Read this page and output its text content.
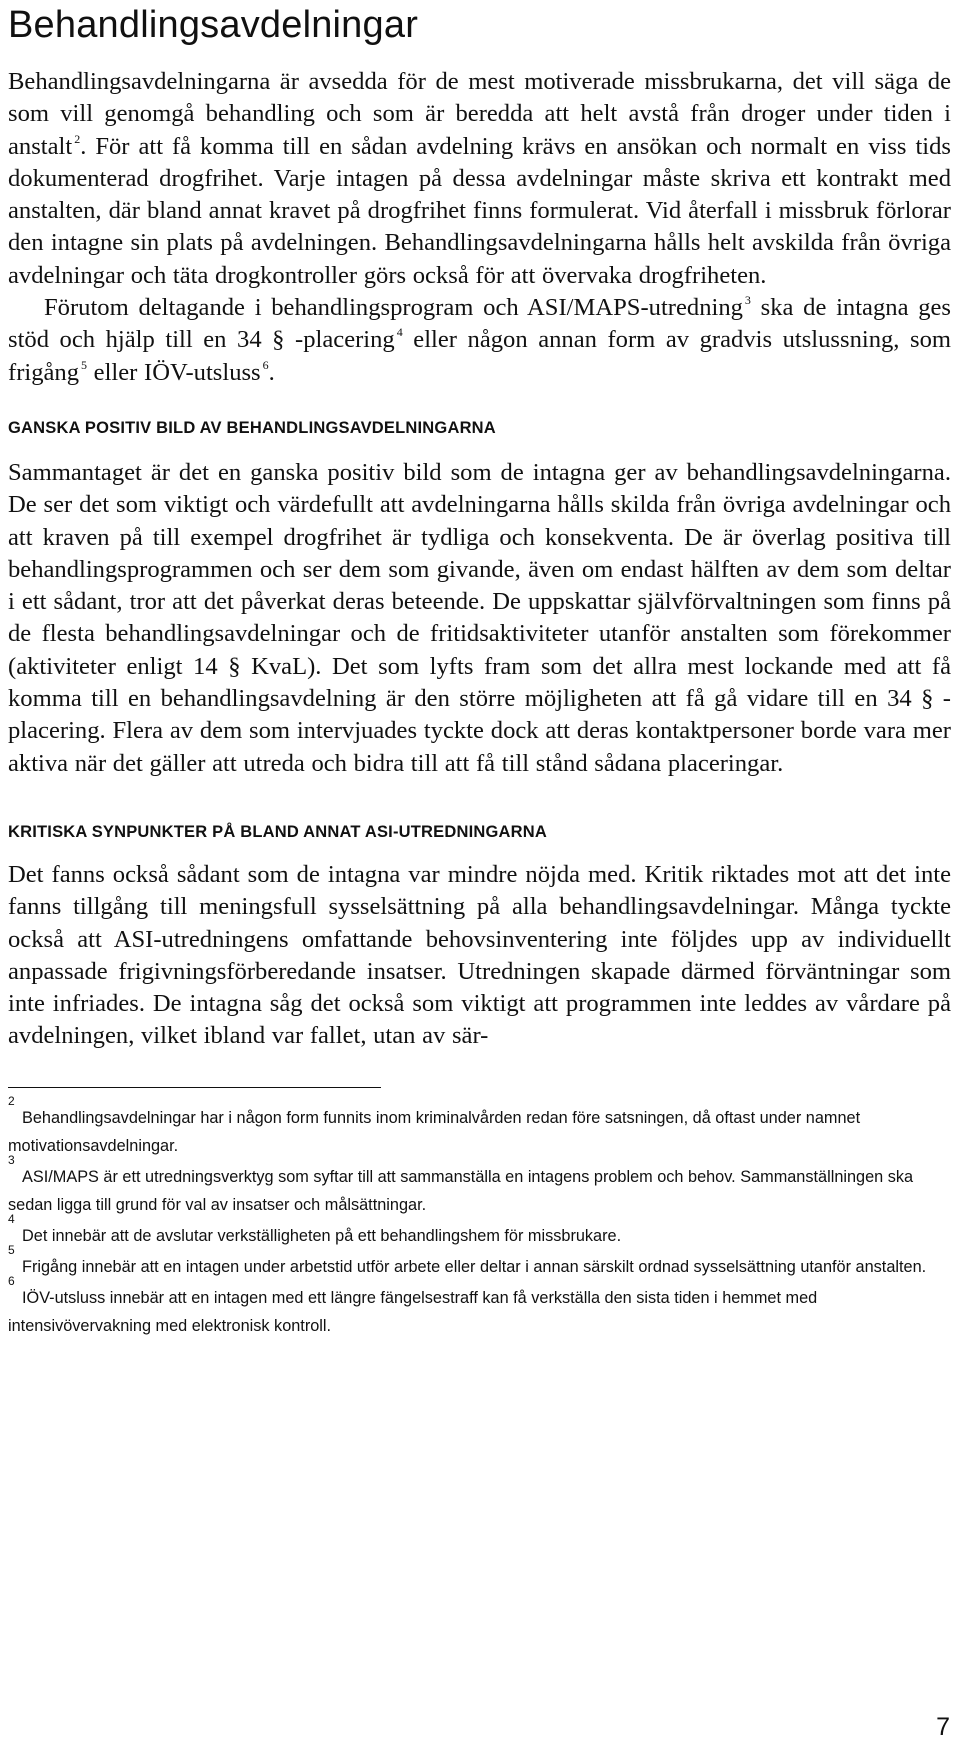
Behandlingsavdelningar

Behandlingsavdelningarna är avsedda för de mest motiverade missbrukarna, det vill säga de som vill genomgå behandling och som är beredda att helt avstå från droger under tiden i anstalt $^2$. För att få komma till en sådan avdelning krävs en ansökan och normalt en viss tids dokumenterad drogfrihet. Varje intagen på dessa avdelningar måste skriva ett kontrakt med anstalten, där bland annat kravet på drogfrihet finns formulerat. Vid återfall i missbruk förlorar den intagne sin plats på avdelningen. Behandlingsavdelningarna hålls helt avskilda från övriga avdelningar och täta drogkontroller görs också för att övervaka drogfriheten.

Förutom deltagande i behandlingsprogram och ASI/MAPS-utredning $^3$ ska de intagna ges stöd och hjälp till en 34 § -placering $^4$ eller någon annan form av gradvis utslussning, som frigång $^5$ eller IÖV-utsluss $^6$.

GANSKA POSITIV BILD AV BEHANDLINGSAVDELNINGARNA

Sammantaget är det en ganska positiv bild som de intagna ger av behandlingsavdelningarna. De ser det som viktigt och värdefullt att avdelningarna hålls skilda från övriga avdelningar och att kraven på till exempel drogfrihet är tydliga och konsekventa. De är överlag positiva till behandlingsprogrammen och ser dem som givande, även om endast hälften av dem som deltar i ett sådant, tror att det påverkat deras beteende. De uppskattar självförvaltningen som finns på de flesta behandlingsavdelningar och de fritidsaktiviteter utanför anstalten som förekommer (aktiviteter enligt 14 § KvaL). Det som lyfts fram som det allra mest lockande med att få komma till en behandlingsavdelning är den större möjligheten att få gå vidare till en 34 § -placering. Flera av dem som intervjuades tyckte dock att deras kontaktpersoner borde vara mer aktiva när det gäller att utreda och bidra till att få till stånd sådana placeringar.

KRITISKA SYNPUNKTER PÅ BLAND ANNAT ASI-UTREDNINGARNA

Det fanns också sådant som de intagna var mindre nöjda med. Kritik riktades mot att det inte fanns tillgång till meningsfull sysselsättning på alla behandlingsavdelningar. Många tyckte också att ASI-utredningens omfattande behovsinventering inte följdes upp av individuellt anpassade frigivningsförberedande insatser. Utredningen skapade därmed förväntningar som inte infriades. De intagna såg det också som viktigt att programmen inte leddes av vårdare på avdelningen, vilket ibland var fallet, utan av sär-

2
Behandlingsavdelningar har i någon form funnits inom kriminalvården redan före satsningen, då oftast under namnet motivationsavdelningar.

3
ASI/MAPS är ett utredningsverktyg som syftar till att sammanställa en intagens problem och behov. Sammanställningen ska sedan ligga till grund för val av insatser och målsättningar.

4
Det innebär att de avslutar verkställigheten på ett behandlingshem för missbrukare.

5
Frigång innebär att en intagen under arbetstid utför arbete eller deltar i annan särskilt ordnad sysselsättning utanför anstalten.

6
IÖV-utsluss innebär att en intagen med ett längre fängelsestraff kan få verkställa den sista tiden i hemmet med intensivövervakning med elektronisk kontroll.

7
